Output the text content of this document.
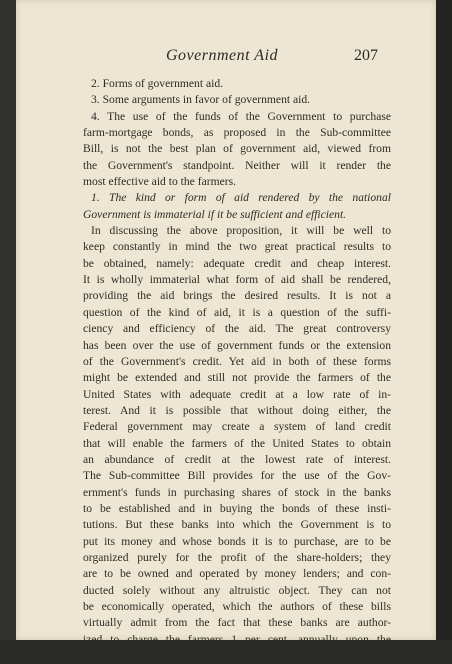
Government Aid	207
2. Forms of government aid.
3. Some arguments in favor of government aid.
4. The use of the funds of the Government to purchase
farm-mortgage bonds, as proposed in the Sub-committee
Bill, is not the best plan of government aid, viewed from
the Government's standpoint. Neither will it render the
most effective aid to the farmers.
1. The kind or form of aid rendered by the national
Government is immaterial if it be sufficient and efficient.
In discussing the above proposition, it will be well to
keep constantly in mind the two great practical results to
be obtained, namely: adequate credit and cheap interest.
It is wholly immaterial what form of aid shall be rendered,
providing the aid brings the desired results. It is not a
question of the kind of aid, it is a question of the suffi-
ciency and efficiency of the aid. The great controversy
has been over the use of government funds or the extension
of the Government's credit. Yet aid in both of these forms
might be extended and still not provide the farmers of the
United States with adequate credit at a low rate of in-
terest. And it is possible that without doing either, the
Federal government may create a system of land credit
that will enable the farmers of the United States to obtain
an abundance of credit at the lowest rate of interest.
The Sub-committee Bill provides for the use of the Gov-
ernment's funds in purchasing shares of stock in the banks
to be established and in buying the bonds of these insti-
tutions. But these banks into which the Government is to
put its money and whose bonds it is to purchase, are to be
organized purely for the profit of the share-holders; they
are to be owned and operated by money lenders; and con-
ducted solely without any altruistic object. They can not
be economically operated, which the authors of these bills
virtually admit from the fact that these banks are author-
ized to charge the farmers 1 per cent. annually upon the
amount of their loans, simply to pay the administration
